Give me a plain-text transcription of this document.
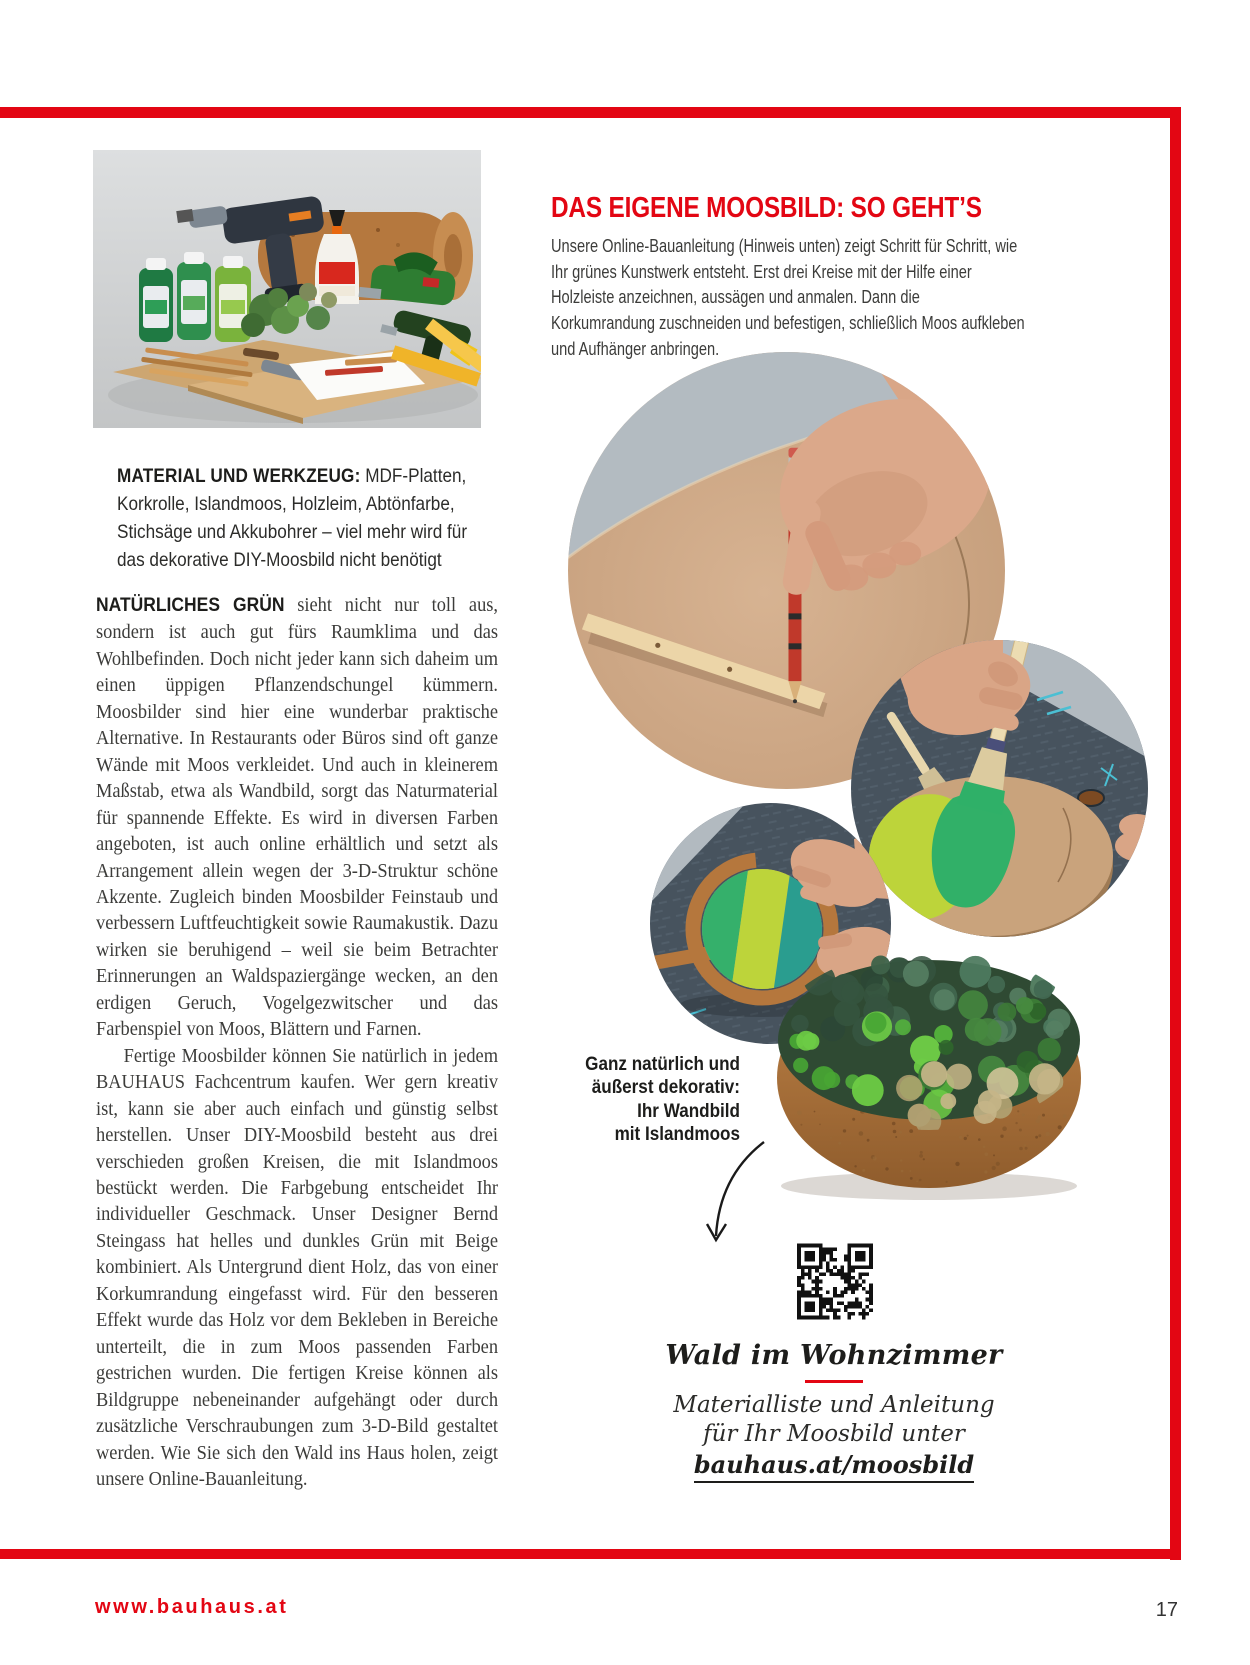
MATERIAL UND WERKZEUG: MDF-Platten, Korkrolle, Islandmoos, Holzleim, Abtönfarbe, Stichsäge und Akkubohrer – viel mehr wird für das dekorative DIY-Moosbild nicht benötigt

NATÜRLICHES GRÜN sieht nicht nur toll aus, sondern ist auch gut fürs Raumklima und das Wohlbefinden. Doch nicht jeder kann sich daheim um einen üppigen Pflanzendschungel kümmern. Moosbilder sind hier eine wunderbar praktische Alternative. In Restaurants oder Büros sind oft ganze Wände mit Moos verkleidet. Und auch in kleinerem Maßstab, etwa als Wandbild, sorgt das Naturmaterial für spannende Effekte. Es wird in diversen Farben angeboten, ist auch online erhältlich und setzt als Arrangement allein wegen der 3-D-Struktur schöne Akzente. Zugleich binden Moosbilder Feinstaub und verbessern Luftfeuchtigkeit sowie Raumakustik. Dazu wirken sie beruhigend – weil sie beim Betrachter Erinnerungen an Waldspaziergänge wecken, an den erdigen Geruch, Vogelgezwitscher und das Farbenspiel von Moos, Blättern und Farnen.

Fertige Moosbilder können Sie natürlich in jedem BAUHAUS Fachcentrum kaufen. Wer gern kreativ ist, kann sie aber auch einfach und günstig selbst herstellen. Unser DIY-Moosbild besteht aus drei verschieden großen Kreisen, die mit Islandmoos bestückt werden. Die Farbgebung entscheidet Ihr individueller Geschmack. Unser Designer Bernd Steingass hat helles und dunkles Grün mit Beige kombiniert. Als Untergrund dient Holz, das von einer Korkumrandung eingefasst wird. Für den besseren Effekt wurde das Holz vor dem Bekleben in Bereiche unterteilt, die in zum Moos passenden Farben gestrichen wurden. Die fertigen Kreise können als Bildgruppe nebeneinander aufgehängt oder durch zusätzliche Verschraubungen zum 3-D-Bild gestaltet werden. Wie Sie sich den Wald ins Haus holen, zeigt unsere Online-Bauanleitung.

DAS EIGENE MOOSBILD: SO GEHT’S

Unsere Online-Bauanleitung (Hinweis unten) zeigt Schritt für Schritt, wie Ihr grünes Kunstwerk entsteht. Erst drei Kreise mit der Hilfe einer Holzleiste anzeichnen, aussägen und anmalen. Dann die Korkumrandung zuschneiden und befestigen, schließlich Moos aufkleben und Aufhänger anbringen.

Ganz natürlich und
äußerst dekorativ:
Ihr Wandbild
mit Islandmoos
Wald im Wohnzimmer
Materialliste und Anleitung
für Ihr Moosbild unter
bauhaus.at/moosbild
www.bauhaus.at	17
